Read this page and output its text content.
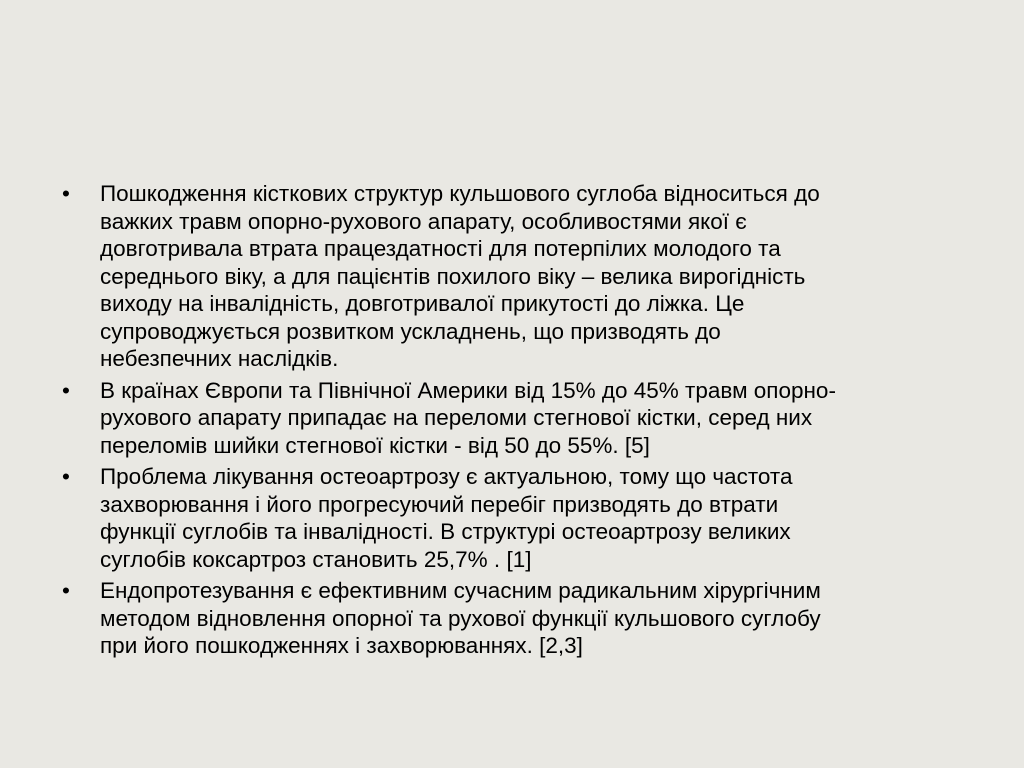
• Пошкодження кісткових структур кульшового суглоба відноситься до
важких травм опорно-рухового апарату, особливостями якої є
довготривала втрата працездатності для потерпілих молодого та
середнього віку, а для пацієнтів похилого віку – велика вирогідність
виходу на інвалідність, довготривалої прикутості до ліжка. Це
супроводжується розвитком ускладнень, що призводять до
небезпечних наслідків.
• В країнах Європи та Північної Америки від 15% до 45% травм опорно-
рухового апарату припадає на переломи стегнової кістки, серед них
переломів шийки стегнової кістки - від 50 до 55%. [5]
• Проблема лікування остеоартрозу є актуальною, тому що частота
захворювання і його прогресуючий перебіг призводять до втрати
функції суглобів та інвалідності. В структурі остеоартрозу великих
суглобів коксартроз становить 25,7% . [1]
• Ендопротезування є ефективним сучасним радикальним хірургічним
методом відновлення опорної та рухової функції кульшового суглобу
при його пошкодженнях і захворюваннях. [2,3]
